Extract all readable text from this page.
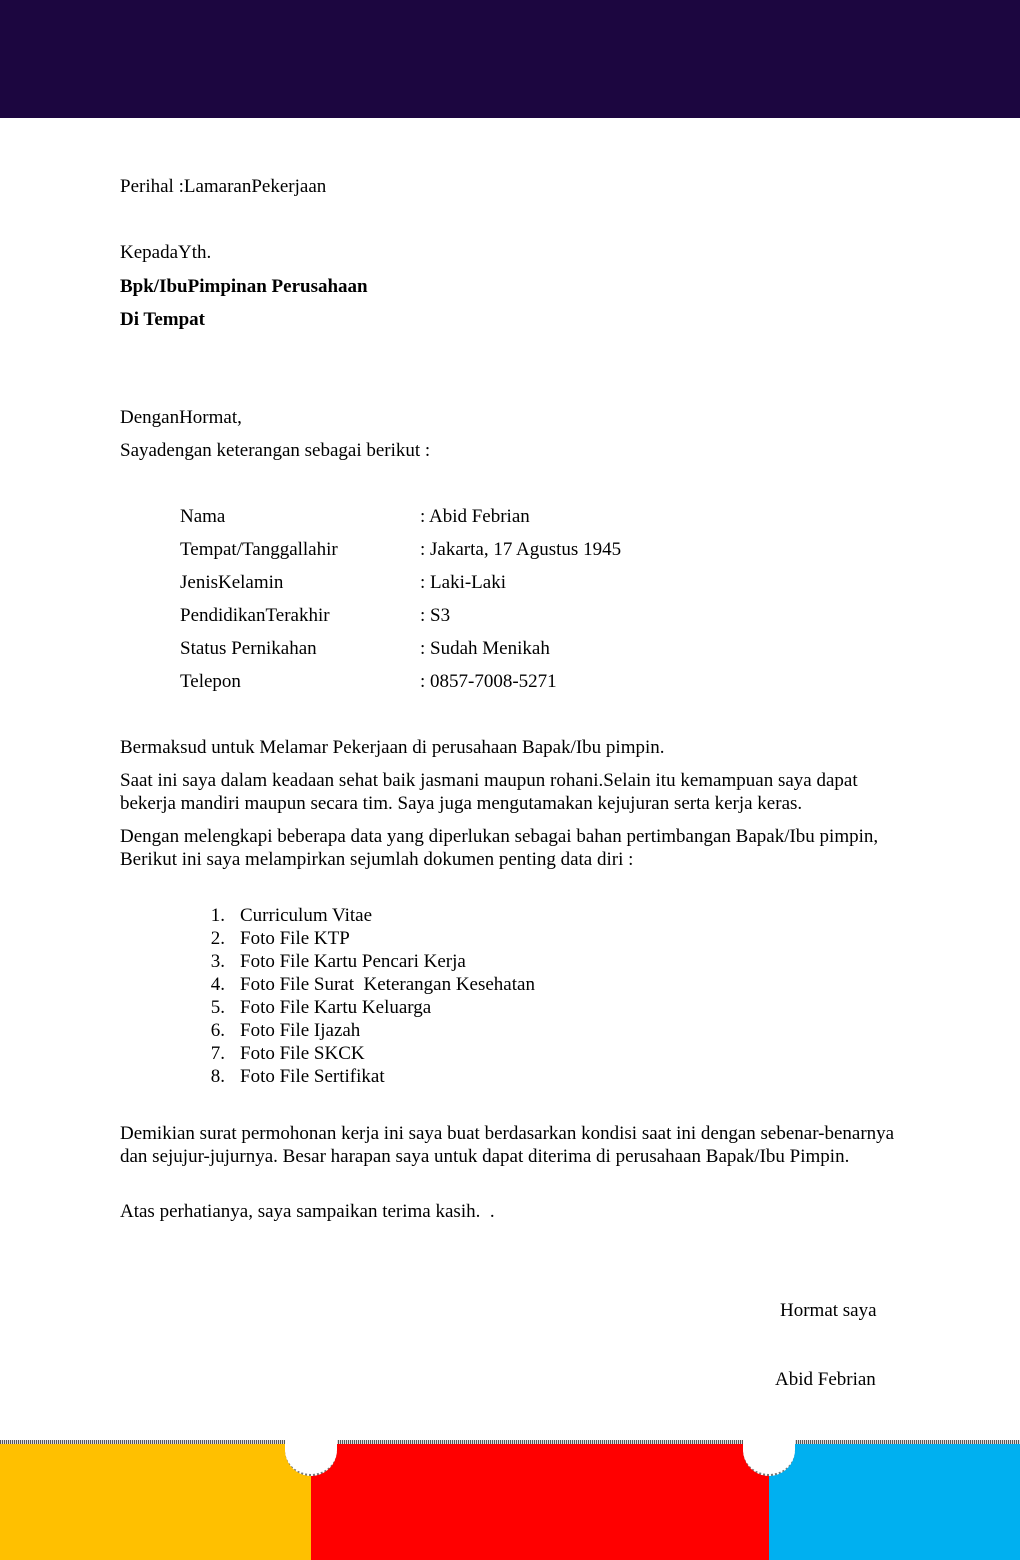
Perihal :LamaranPekerjaan
KepadaYth.
Bpk/IbuPimpinan Perusahaan
Di Tempat
DenganHormat,
Sayadengan keterangan sebagai berikut :
Nama	: Abid Febrian
Tempat/Tanggallahir	: Jakarta, 17 Agustus 1945
JenisKelamin	: Laki-Laki
PendidikanTerakhir	: S3
Status Pernikahan	: Sudah Menikah
Telepon	: 0857-7008-5271
Bermaksud untuk Melamar Pekerjaan di perusahaan Bapak/Ibu pimpin.
Saat ini saya dalam keadaan sehat baik jasmani maupun rohani.Selain itu kemampuan saya dapat bekerja mandiri maupun secara tim. Saya juga mengutamakan kejujuran serta kerja keras.
Dengan melengkapi beberapa data yang diperlukan sebagai bahan pertimbangan Bapak/Ibu pimpin, Berikut ini saya melampirkan sejumlah dokumen penting data diri :
1. Curriculum Vitae
2. Foto File KTP
3. Foto File Kartu Pencari Kerja
4. Foto File Surat  Keterangan Kesehatan
5. Foto File Kartu Keluarga
6. Foto File Ijazah
7. Foto File SKCK
8. Foto File Sertifikat
Demikian surat permohonan kerja ini saya buat berdasarkan kondisi saat ini dengan sebenar-benarnya dan sejujur-jujurnya. Besar harapan saya untuk dapat diterima di perusahaan Bapak/Ibu Pimpin.
Atas perhatianya, saya sampaikan terima kasih.  .
Hormat saya
Abid Febrian
